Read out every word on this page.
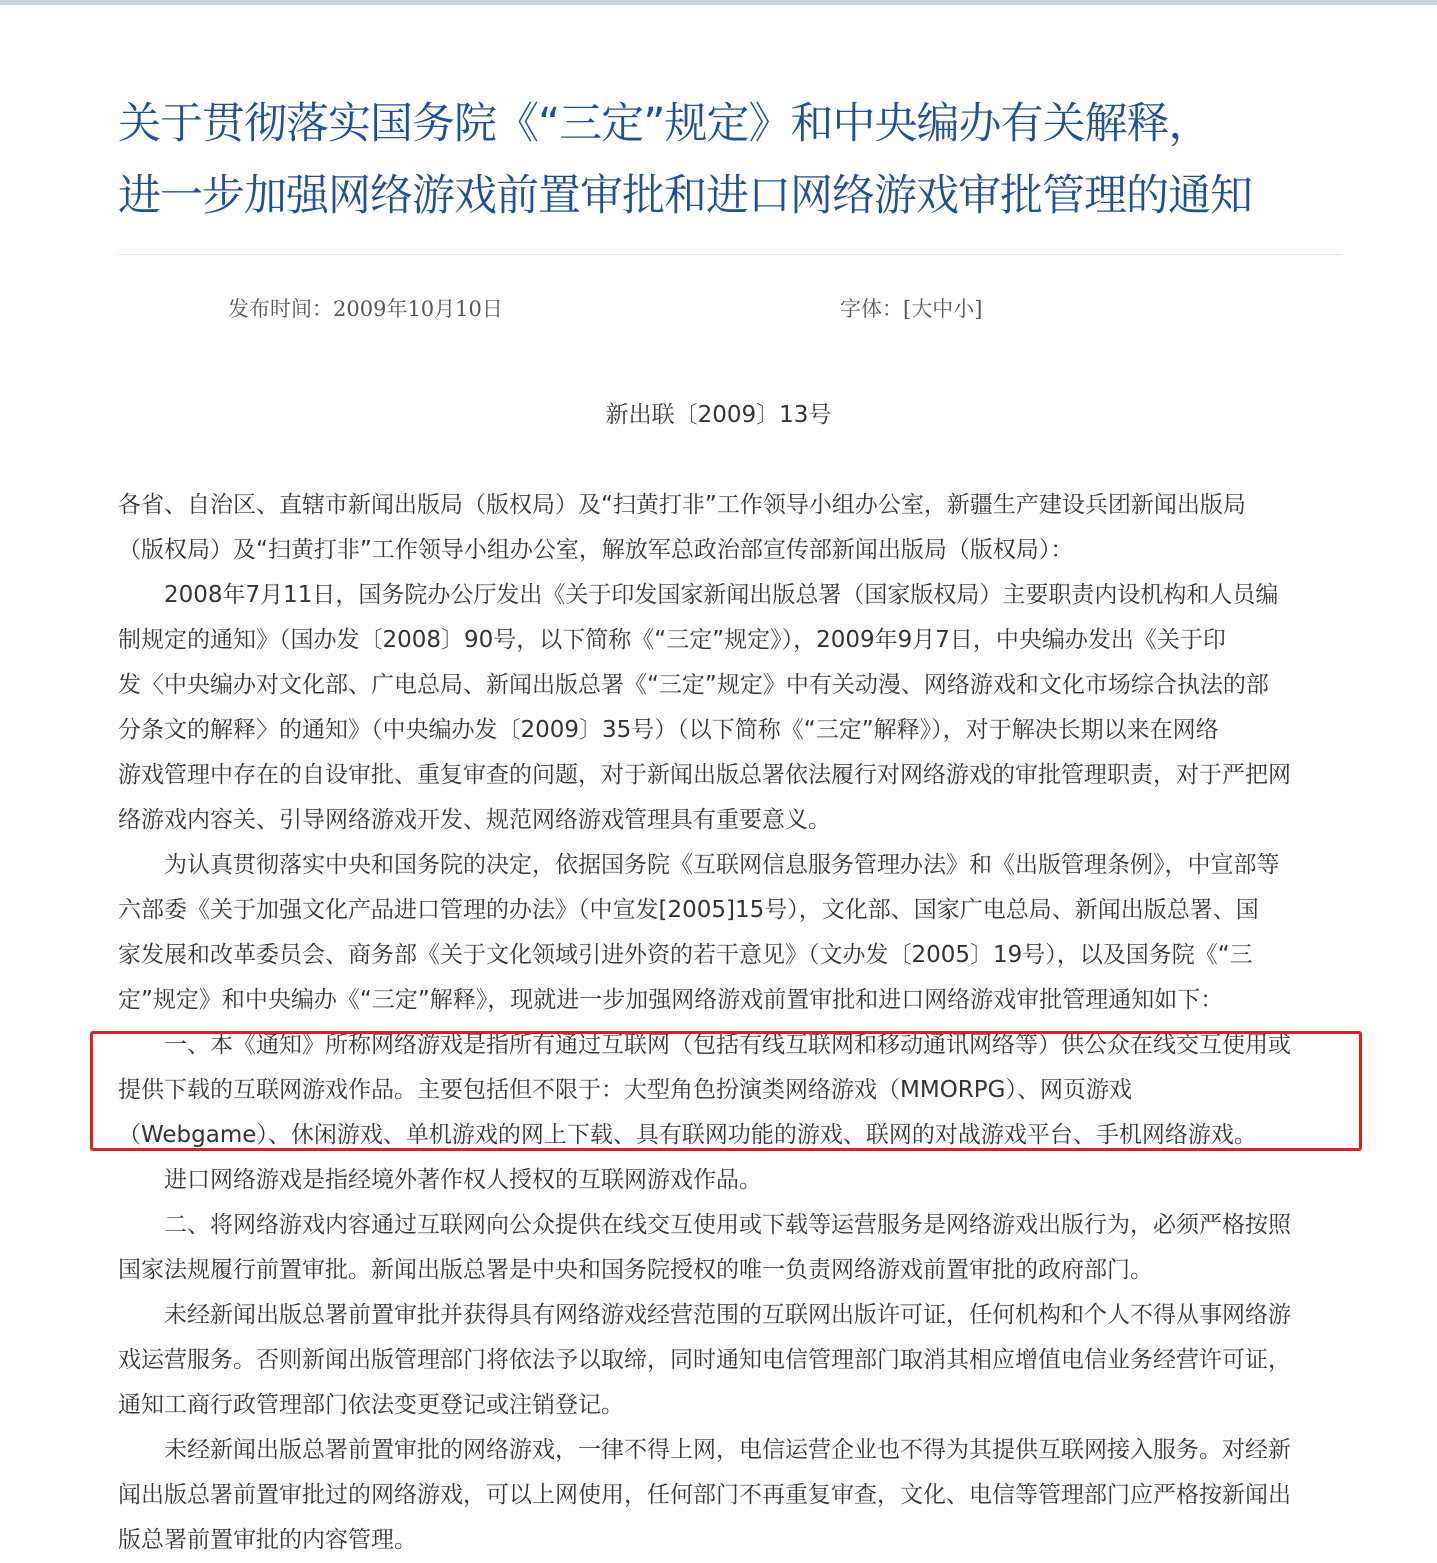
关于贯彻落实国务院《“三定”规定》和中央编办有关解释，
进一步加强网络游戏前置审批和进口网络游戏审批管理的通知
发布时间：2009年10月10日	字体：[大中小]
新出联〔2009〕13号

各省、自治区、直辖市新闻出版局（版权局）及“扫黄打非”工作领导小组办公室，新疆生产建设兵团新闻出版局

（版权局）及“扫黄打非”工作领导小组办公室，解放军总政治部宣传部新闻出版局（版权局）：

　　2008年7月11日，国务院办公厅发出《关于印发国家新闻出版总署（国家版权局）主要职责内设机构和人员编

制规定的通知》（国办发〔2008〕90号，以下简称《“三定”规定》），2009年9月7日，中央编办发出《关于印

发〈中央编办对文化部、广电总局、新闻出版总署《“三定”规定》中有关动漫、网络游戏和文化市场综合执法的部

分条文的解释〉的通知》（中央编办发〔2009〕35号）（以下简称《“三定”解释》），对于解决长期以来在网络

游戏管理中存在的自设审批、重复审查的问题，对于新闻出版总署依法履行对网络游戏的审批管理职责，对于严把网

络游戏内容关、引导网络游戏开发、规范网络游戏管理具有重要意义。

　　为认真贯彻落实中央和国务院的决定，依据国务院《互联网信息服务管理办法》和《出版管理条例》，中宣部等

六部委《关于加强文化产品进口管理的办法》（中宣发[2005]15号），文化部、国家广电总局、新闻出版总署、国

家发展和改革委员会、商务部《关于文化领域引进外资的若干意见》（文办发〔2005〕19号），以及国务院《“三

定”规定》和中央编办《“三定”解释》，现就进一步加强网络游戏前置审批和进口网络游戏审批管理通知如下：

　　一、本《通知》所称网络游戏是指所有通过互联网（包括有线互联网和移动通讯网络等）供公众在线交互使用或

提供下载的互联网游戏作品。主要包括但不限于：大型角色扮演类网络游戏（MMORPG）、网页游戏

（Webgame）、休闲游戏、单机游戏的网上下载、具有联网功能的游戏、联网的对战游戏平台、手机网络游戏。

　　进口网络游戏是指经境外著作权人授权的互联网游戏作品。

　　二、将网络游戏内容通过互联网向公众提供在线交互使用或下载等运营服务是网络游戏出版行为，必须严格按照

国家法规履行前置审批。新闻出版总署是中央和国务院授权的唯一负责网络游戏前置审批的政府部门。

　　未经新闻出版总署前置审批并获得具有网络游戏经营范围的互联网出版许可证，任何机构和个人不得从事网络游

戏运营服务。否则新闻出版管理部门将依法予以取缔，同时通知电信管理部门取消其相应增值电信业务经营许可证，

通知工商行政管理部门依法变更登记或注销登记。

　　未经新闻出版总署前置审批的网络游戏，一律不得上网，电信运营企业也不得为其提供互联网接入服务。对经新

闻出版总署前置审批过的网络游戏，可以上网使用，任何部门不再重复审查，文化、电信等管理部门应严格按新闻出

版总署前置审批的内容管理。
